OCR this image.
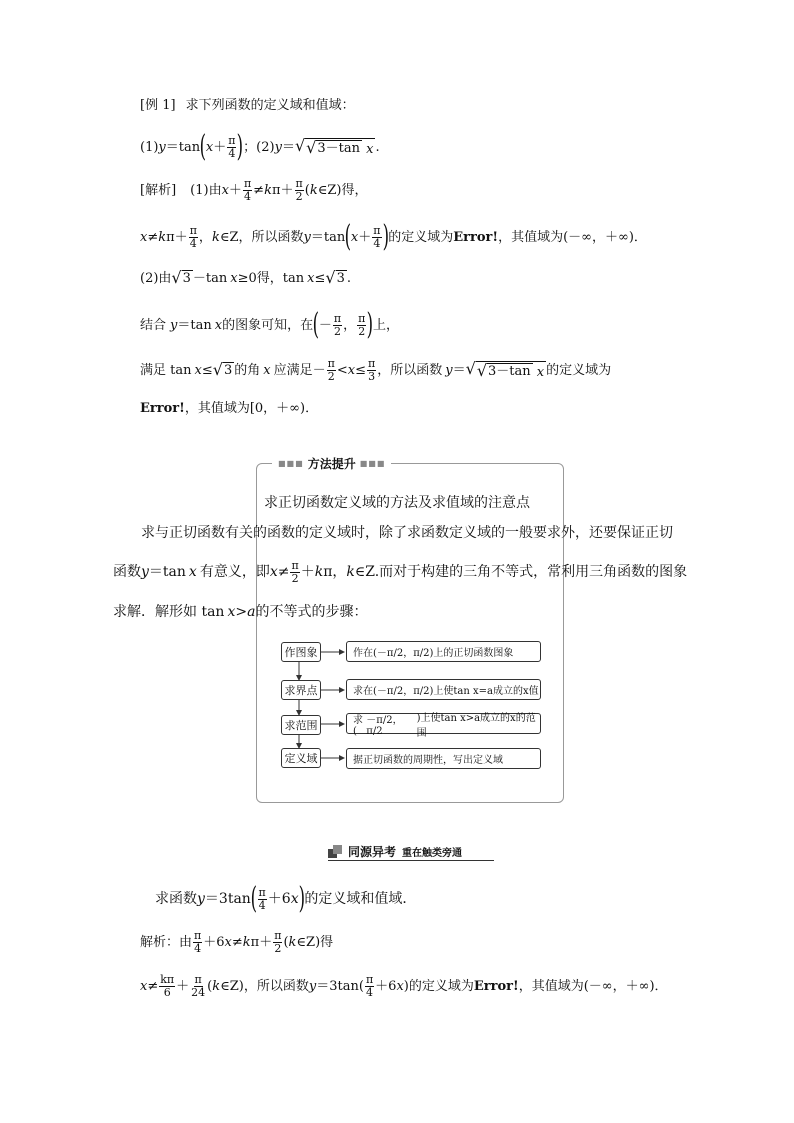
[例 1] 求下列函数的定义域和值域：
(1) y ＝tan ( $x + \frac{\pi}{4}$ ) ；(2) y ＝ √ √ 3－tan x .
[解析] (1)由 $x + \frac{\pi}{4} \ne k$ $\pi+ \frac{\pi}{2}$ ( k ∈Z)得，
x ≠ k $\pi+ \frac{\pi}{4}$ ， k ∈Z，所以函数 y ＝tan ( $x + \frac{\pi}{4}$ ) 的定义域为 Error! ，其值域为(－∞，＋∞)．
(2)由 √ 3 －tan x ≥0得，tan x ≤ √ 3 .
结合 y ＝tan x 的图象可知，在 ( － $\frac{\pi}{2}$ ， $\frac{\pi}{2}$ ) 上，
满足 tan x ≤ √ 3 的角 x 应满足 － $\frac{\pi}{2} < x \le \frac{\pi}{3}$ ，所以函数 y ＝ √ √ 3－tan x 的定义域为
Error! ，其值域为[0，＋∞)．
■■■ 方法提升 ■■■
求正切函数定义域的方法及求值域的注意点
求与正切函数有关的函数的定义域时，除了求函数定义域的一般要求外，还要保证正切
函数 y ＝tan x 有意义，即 $x \ne \frac{\pi}{2} + k$ π， k ∈Z.而对于构建的三角不等式，常利用三角函数的图象
求解．解形如 tan x > a 的不等式的步骤：
作图象
求界点
求范围
定义域
作在( －π/2，π/2 )上的正切函数图象
求在( －π/2，π/2 )上使tan x=a成立的x值
求(
－π/2，π/2
)上使tan x>a成立的x的范围
据正切函数的周期性，写出定义域
同源异考 重在触类旁通
求函数 y ＝3tan ( $\frac{\pi}{4} +6$ x ) 的定义域和值域．
解析：由 $\frac{\pi}{4} +6$ x ≠ k $\pi+ \frac{\pi}{2}$ ( k ∈Z)得
$x \ne \frac{k\pi}{6} + \frac{\pi}{24}$ ( k ∈Z)，所以函数 $y =3\tan( \frac{\pi}{4} +6$ x )的定义域为 Error! ，其值域为(－∞，＋∞)．
